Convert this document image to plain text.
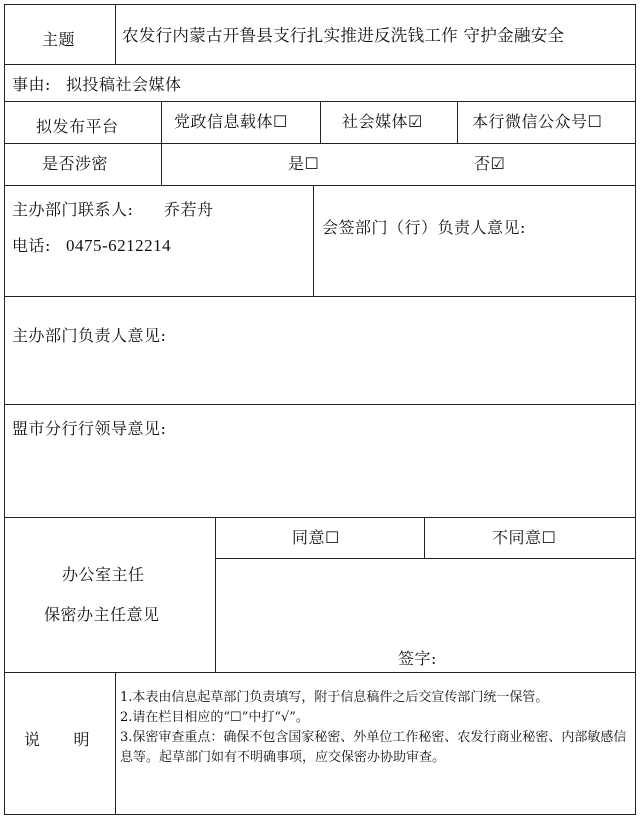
主题	农发行内蒙古开鲁县支行扎实推进反洗钱工作 守护金融安全
事由: 拟投稿社会媒体
拟发布平台	党政信息载体☐	社会媒体☑	本行微信公众号☐
是否涉密	是☐	否☑
主办部门联系人: 乔若舟
电话: 0475-6212214
会签部门（行）负责人意见:
主办部门负责人意见:
盟市分行行领导意见:
办公室主任
保密办主任意见
同意☐	不同意☐
签字:
说　　明
1.本表由信息起草部门负责填写，附于信息稿件之后交宣传部门统一保管。
2.请在栏目相应的“☐”中打“√”。
3.保密审查重点：确保不包含国家秘密、外单位工作秘密、农发行商业秘密、内部敏感信息等。起草部门如有不明确事项，应交保密办协助审查。
